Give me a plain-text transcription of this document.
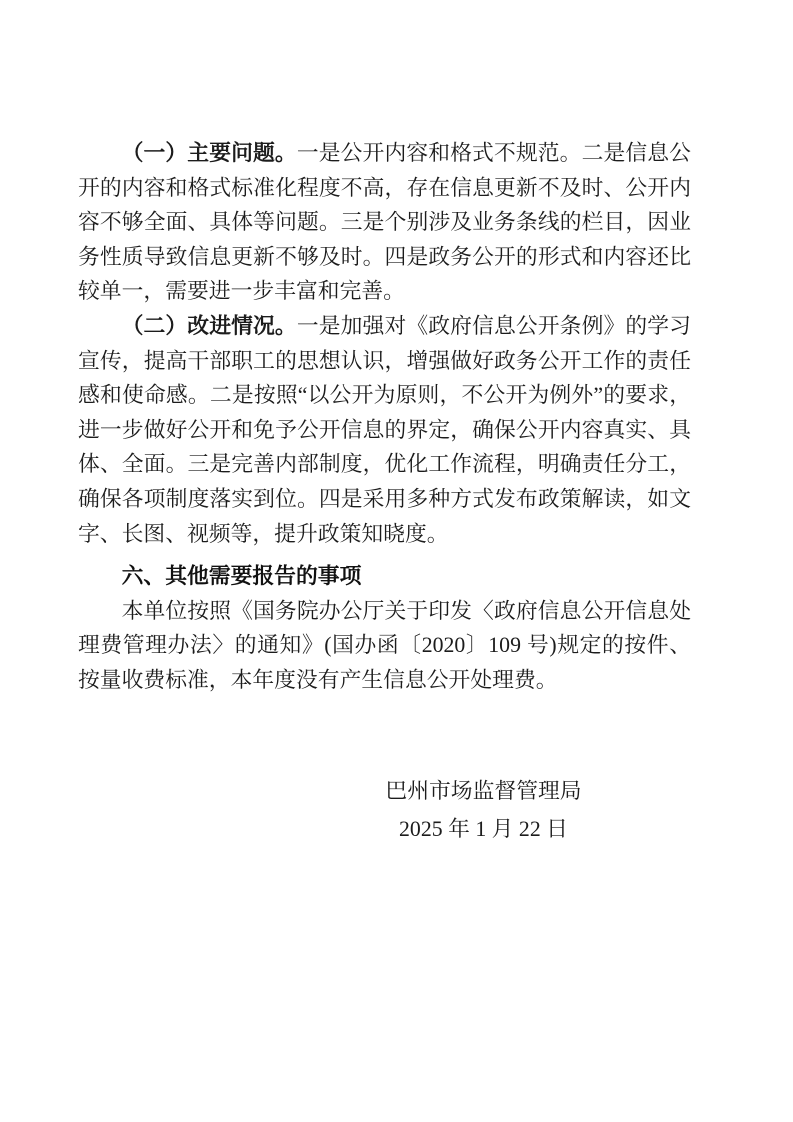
（一）主要问题。一是公开内容和格式不规范。二是信息公开的内容和格式标准化程度不高，存在信息更新不及时、公开内容不够全面、具体等问题。三是个别涉及业务条线的栏目，因业务性质导致信息更新不够及时。四是政务公开的形式和内容还比较单一，需要进一步丰富和完善。

（二）改进情况。一是加强对《政府信息公开条例》的学习宣传，提高干部职工的思想认识，增强做好政务公开工作的责任感和使命感。二是按照“以公开为原则，不公开为例外”的要求，进一步做好公开和免予公开信息的界定，确保公开内容真实、具体、全面。三是完善内部制度，优化工作流程，明确责任分工，确保各项制度落实到位。四是采用多种方式发布政策解读，如文字、长图、视频等，提升政策知晓度。

六、其他需要报告的事项

本单位按照《国务院办公厅关于印发〈政府信息公开信息处理费管理办法〉的通知》(国办函〔2020〕109 号)规定的按件、按量收费标准，本年度没有产生信息公开处理费。

巴州市场监督管理局
2025 年 1 月 22 日
